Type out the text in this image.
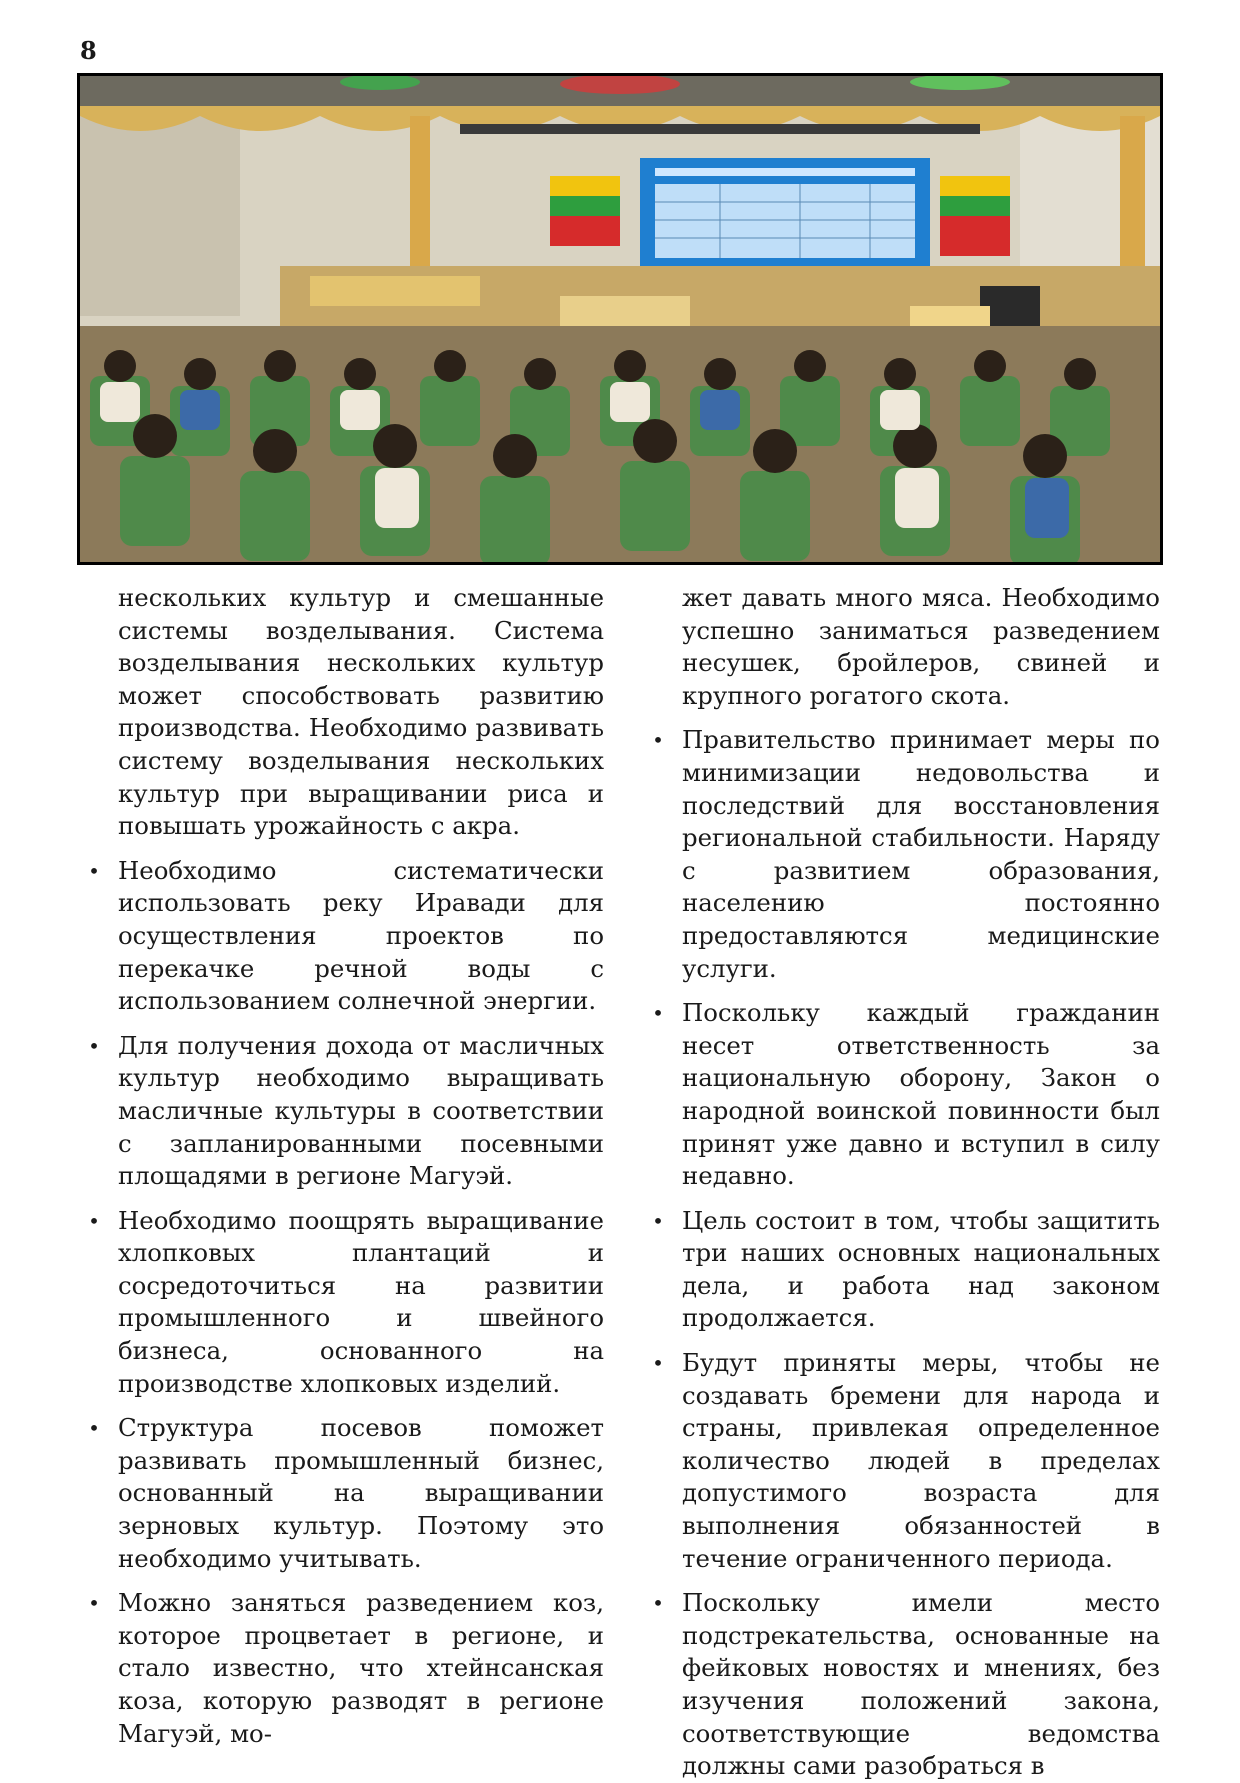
8

нескольких культур и смешанные системы возделывания. Система возделывания нескольких культур может способствовать развитию производства. Необходимо развивать систему возделывания нескольких культур при выращивании риса и повышать урожайность с акра.

• Необходимо систематически использовать реку Иравади для осуществления проектов по перекачке речной воды с использованием солнечной энергии.
• Для получения дохода от масличных культур необходимо выращивать масличные культуры в соответствии с запланированными посевными площадями в регионе Магуэй.
• Необходимо поощрять выращивание хлопковых плантаций и сосредоточиться на развитии промышленного и швейного бизнеса, основанного на производстве хлопковых изделий.
• Структура посевов поможет развивать промышленный бизнес, основанный на выращивании зерновых культур. Поэтому это необходимо учитывать.
• Можно заняться разведением коз, которое процветает в регионе, и стало известно, что хтейнсанская коза, которую разводят в регионе Магуэй, мо-

жет давать много мяса. Необходимо успешно заниматься разведением несушек, бройлеров, свиней и крупного рогатого скота.

• Правительство принимает меры по минимизации недовольства и последствий для восстановления региональной стабильности. Наряду с развитием образования, населению постоянно предоставляются медицинские услуги.
• Поскольку каждый гражданин несет ответственность за национальную оборону, Закон о народной воинской повинности был принят уже давно и вступил в силу недавно.
• Цель состоит в том, чтобы защитить три наших основных национальных дела, и работа над законом продолжается.
• Будут приняты меры, чтобы не создавать бремени для народа и страны, привлекая определенное количество людей в пределах допустимого возраста для выполнения обязанностей в течение ограниченного периода.
• Поскольку имели место подстрекательства, основанные на фейковых новостях и мнениях, без изучения положений закона, соответствующие ведомства должны сами разобраться в
